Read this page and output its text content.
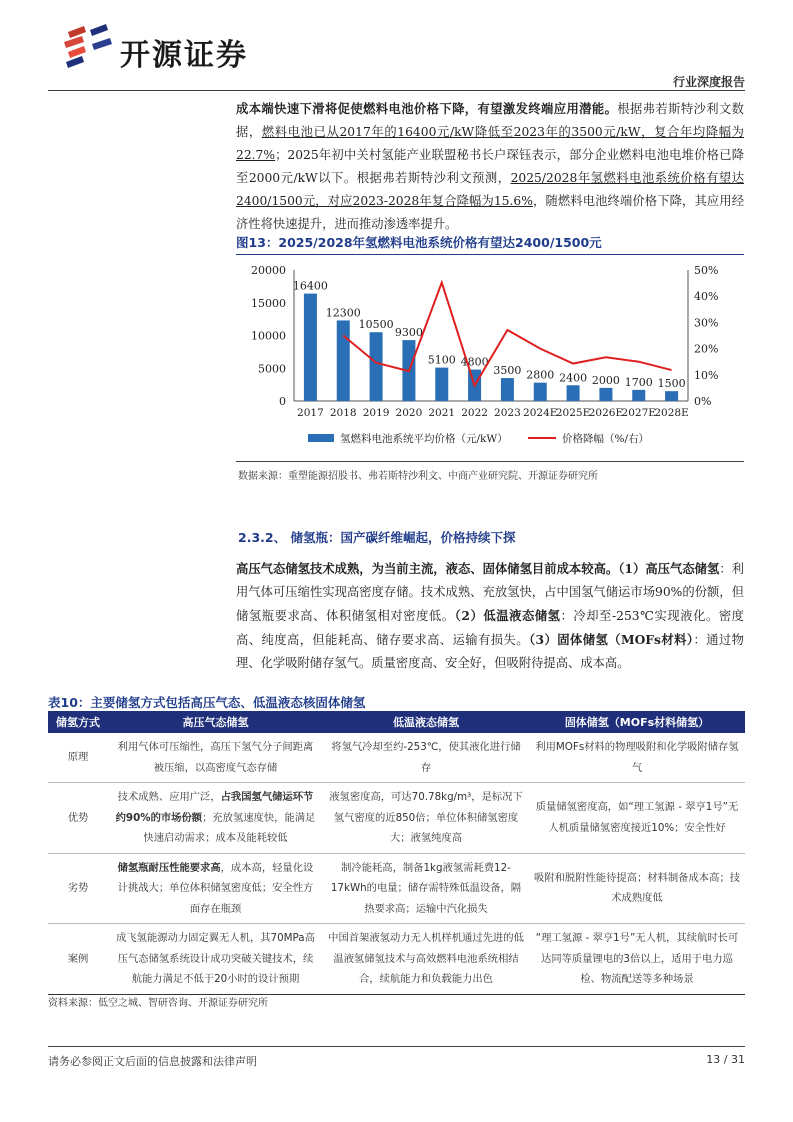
开源证券
行业深度报告
成本端快速下滑将促使燃料电池价格下降，有望激发终端应用潜能。根据弗若斯特沙利文数据，燃料电池已从2017年的16400元/kW降低至2023年的3500元/kW，复合年均降幅为22.7%；2025年初中关村氢能产业联盟秘书长户琛钰表示，部分企业燃料电池电堆价格已降至2000元/kW以下。根据弗若斯特沙利文预测，2025/2028年氢燃料电池系统价格有望达2400/1500元，对应2023-2028年复合降幅为15.6%，随燃料电池终端价格下降，其应用经济性将快速提升，进而推动渗透率提升。
图13：2025/2028年氢燃料电池系统价格有望达2400/1500元
0
5000
10000
15000
20000
0%
10%
20%
30%
40%
50%
16400
2017
12300
2018
10500
2019
9300
2020
5100
2021
4800
2022
3500
2023
2800
2024E
2400
2025E
2000
2026E
1700
2027E
1500
2028E
氢燃料电池系统平均价格（元/kW）	价格降幅（%/右）
数据来源：重塑能源招股书、弗若斯特沙利文、中商产业研究院、开源证券研究所
2.3.2、 储氢瓶：国产碳纤维崛起，价格持续下探
高压气态储氢技术成熟，为当前主流，液态、固体储氢目前成本较高。（1）高压气态储氢：利用气体可压缩性实现高密度存储。技术成熟、充放氢快，占中国氢气储运市场90%的份额，但储氢瓶要求高、体积储氢相对密度低。（2）低温液态储氢：冷却至-253℃实现液化。密度高、纯度高，但能耗高、储存要求高、运输有损失。（3）固体储氢（MOFs材料）：通过物理、化学吸附储存氢气。质量密度高、安全好，但吸附待提高、成本高。
表10：主要储氢方式包括高压气态、低温液态核固体储氢
储氢方式	高压气态储氢	低温液态储氢	固体储氢（MOFs材料储氢）
原理	利用气体可压缩性，高压下氢气分子间距离被压缩，以高密度气态存储	将氢气冷却至约-253℃，使其液化进行储存	利用MOFs材料的物理吸附和化学吸附储存氢气
优势	技术成熟、应用广泛，占我国氢气储运环节约90%的市场份额；充放氢速度快，能满足快速启动需求；成本及能耗较低	液氢密度高，可达70.78kg/m³，是标况下氢气密度的近850倍；单位体积储氢密度大；液氢纯度高	质量储氢密度高，如“理工氢源 - 翠亨1号”无人机质量储氢密度接近10%；安全性好
劣势	储氢瓶耐压性能要求高，成本高，轻量化设计挑战大；单位体积储氢密度低；安全性方面存在瓶颈	制冷能耗高，制备1kg液氢需耗费12-17kWh的电量；储存需特殊低温设备，隔热要求高；运输中汽化损失	吸附和脱附性能待提高；材料制备成本高；技术成熟度低
案例	成飞氢能源动力固定翼无人机，其70MPa高压气态储氢系统设计成功突破关键技术，续航能力满足不低于20小时的设计预期	中国首架液氢动力无人机样机通过先进的低温液氢储氢技术与高效燃料电池系统相结合，续航能力和负载能力出色	“理工氢源 - 翠亨1号”无人机，其续航时长可达同等质量锂电的3倍以上，适用于电力巡检、物流配送等多种场景
资料来源：低空之城、智研咨询、开源证券研究所
请务必参阅正文后面的信息披露和法律声明	13 / 31
